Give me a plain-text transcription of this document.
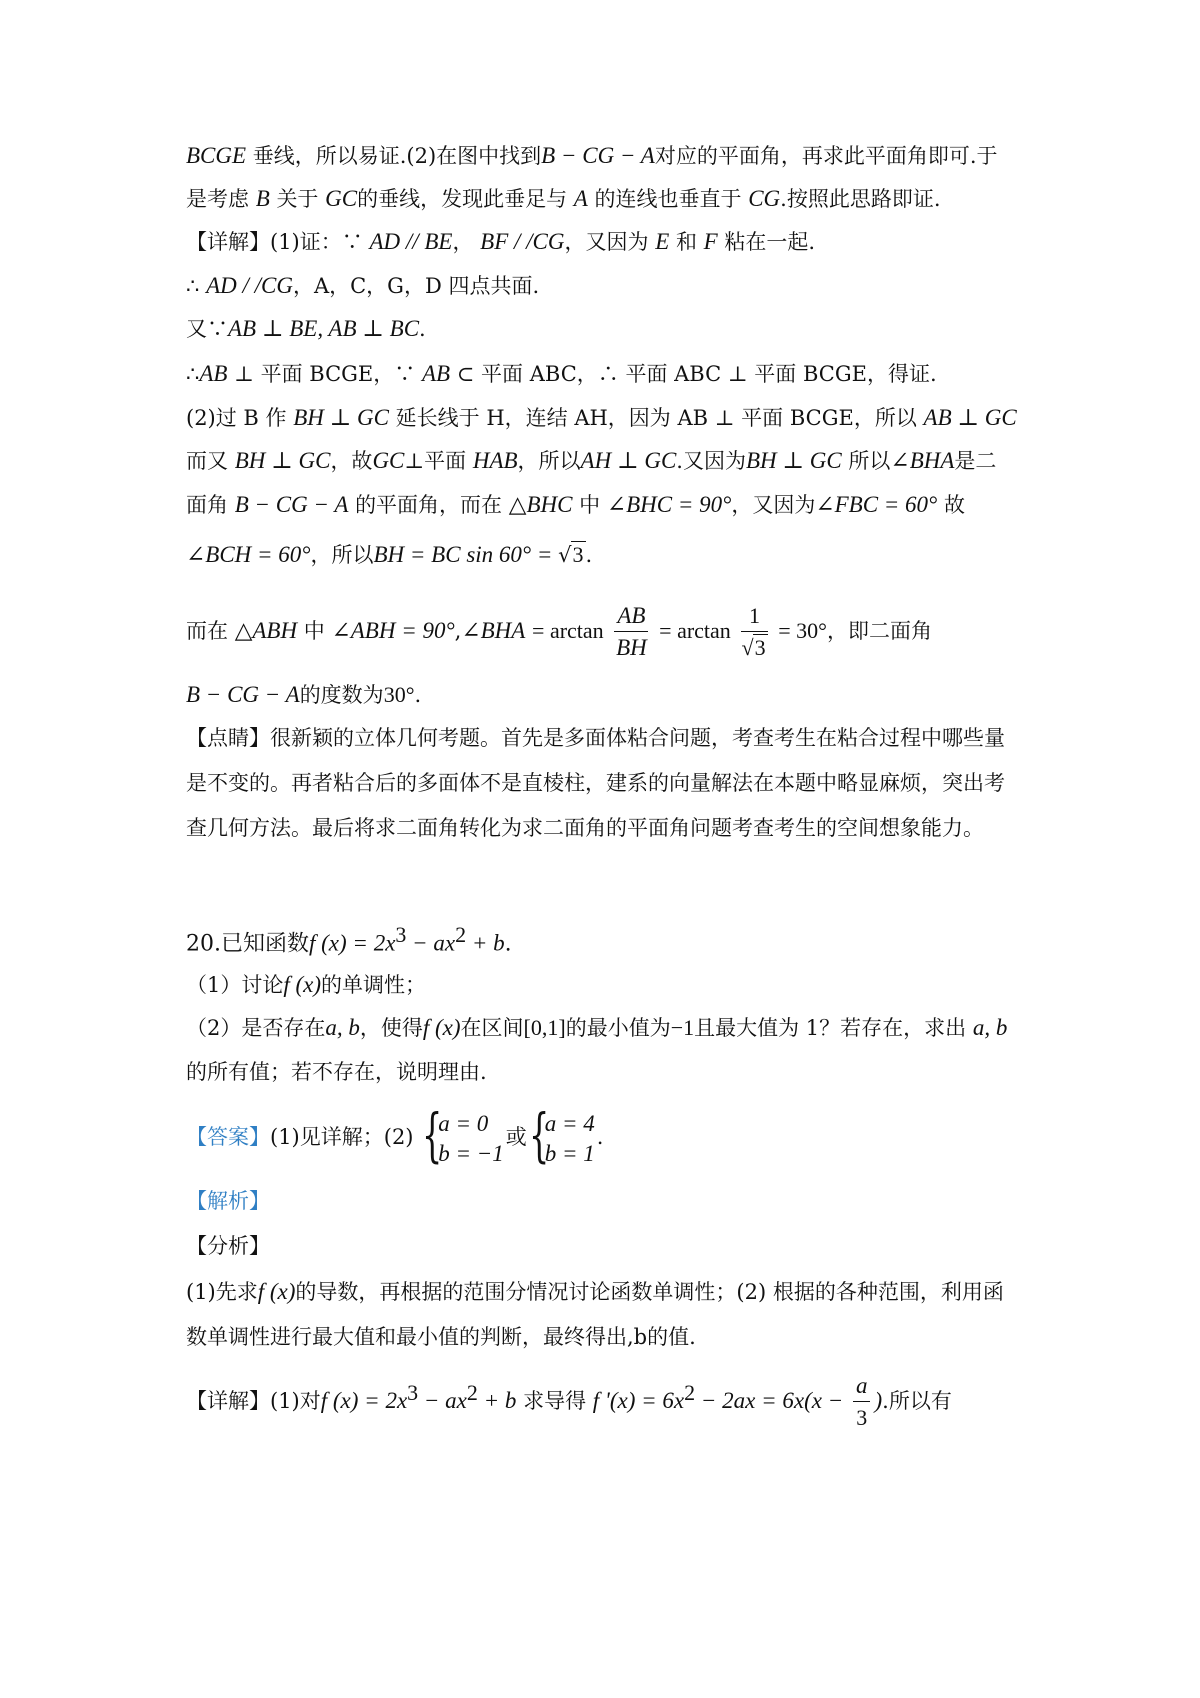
BCGE 垂线，所以易证.(2)在图中找到B − CG − A对应的平面角，再求此平面角即可.于
是考虑 B 关于 GC的垂线，发现此垂足与 A 的连线也垂直于 CG.按照此思路即证.
【详解】(1)证：∵ AD // BE， BF / /CG，又因为 E 和 F 粘在一起.
∴ AD / /CG，A，C，G，D 四点共面.
又∵AB ⊥ BE, AB ⊥ BC.
∴AB ⊥ 平面 BCGE，∵ AB ⊂ 平面 ABC，∴ 平面 ABC ⊥ 平面 BCGE，得证.
(2)过 B 作 BH ⊥ GC 延长线于 H，连结 AH，因为 AB ⊥ 平面 BCGE，所以 AB ⊥ GC
而又 BH ⊥ GC，故GC⊥平面 HAB，所以AH ⊥ GC.又因为BH ⊥ GC 所以∠BHA是二
面角 B − CG − A 的平面角，而在 △BHC 中 ∠BHC = 90°，又因为∠FBC = 60° 故
∠BCH = 60°，所以BH = BC sin 60° = √3.
而在 △ABH 中 ∠ABH = 90°,∠BHA = $\arctan \frac{AB}{BH} = \arctan \frac{1}{√3} = 30^\circ$，即二面角
B − CG − A的度数为30°.
【点睛】很新颖的立体几何考题。首先是多面体粘合问题，考查考生在粘合过程中哪些量
是不变的。再者粘合后的多面体不是直棱柱，建系的向量解法在本题中略显麻烦，突出考
查几何方法。最后将求二面角转化为求二面角的平面角问题考查考生的空间想象能力。
20.已知函数f $(x) = 2x^3 - ax^2 + b$.
（1）讨论f (x)的单调性；
（2）是否存在a, b，使得f (x)在区间[0,1]的最小值为−1且最大值为 1？若存在，求出 a, b
的所有值；若不存在，说明理由.
【答案】(1)见详解；(2) {
a = 0
b = −1
或 {
a = 4
b = 1
.
【解析】
【分析】
(1)先求f (x)的导数，再根据的范围分情况讨论函数单调性；(2) 根据的各种范围，利用函
数单调性进行最大值和最小值的判断，最终得出,b的值.
【详解】(1)对f $(x) = 2x^3 - ax^2 + b$ 求导得 f '$(x) = 6x^2 - 2ax = 6x(x - \frac{a}{3}$ ).所以有
